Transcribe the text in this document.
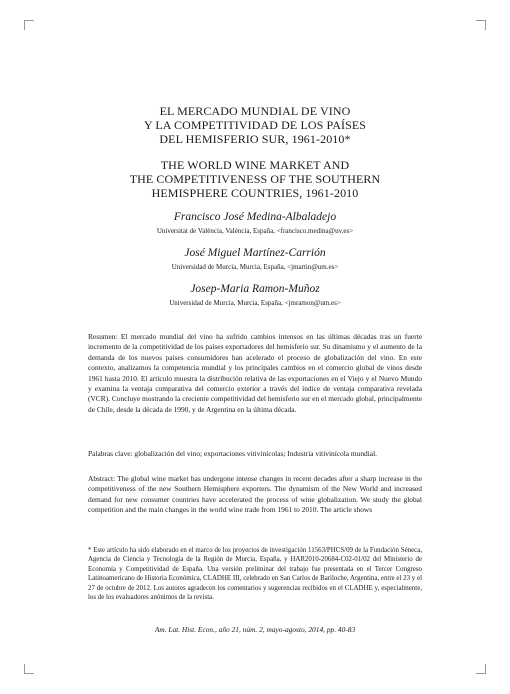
EL MERCADO MUNDIAL DE VINO
Y LA COMPETITIVIDAD DE LOS PAÍSES
DEL HEMISFERIO SUR, 1961-2010*
THE WORLD WINE MARKET AND
THE COMPETITIVENESS OF THE SOUTHERN
HEMISPHERE COUNTRIES, 1961-2010
Francisco José Medina-Albaladejo
Universitat de València, València, España, <francisco.medina@uv.es>
José Miguel Martínez-Carrión
Universidad de Murcia, Murcia, España, <jmartin@um.es>
Josep-Maria Ramon-Muñoz
Universidad de Murcia, Murcia, España, <jmramon@um.es>
Resumen: El mercado mundial del vino ha sufrido cambios intensos en las últimas décadas tras un fuerte incremento de la competitividad de los países exportadores del hemisferio sur. Su dinamismo y el aumento de la demanda de los nuevos países consumidores han acelerado el proceso de globalización del vino. En este contexto, analizamos la competencia mundial y los principales cambios en el comercio global de vinos desde 1961 hasta 2010. El artículo muestra la distribución relativa de las exportaciones en el Viejo y el Nuevo Mundo y examina la ventaja comparativa del comercio exterior a través del índice de ventaja comparativa revelada (VCR). Concluye mostrando la creciente competitividad del hemisferio sur en el mercado global, principalmente de Chile, desde la década de 1990, y de Argentina en la última década.
Palabras clave: globalización del vino; exportaciones vitivinícolas; Industria vitivinícola mundial.
Abstract: The global wine market has undergone intense changes in recent decades after a sharp increase in the competitiveness of the new Southern Hemisphere exporters. The dynamism of the New World and increased demand for new consumer countries have accelerated the process of wine globalization. We study the global competition and the main changes in the world wine trade from 1961 to 2010. The article shows
* Este artículo ha sido elaborado en el marco de los proyectos de investigación 11563/PHCS/09 de la Fundación Séneca, Agencia de Ciencia y Tecnología de la Región de Murcia, España, y HAR2010-20684-C02-01/02 del Ministerio de Economía y Competitividad de España. Una versión preliminar del trabajo fue presentada en el Tercer Congreso Latinoamericano de Historia Económica, CLADHE III, celebrado en San Carlos de Bariloche, Argentina, entre el 23 y el 27 de octubre de 2012. Los autores agradecen los comentarios y sugerencias recibidos en el CLADHE y, especialmente, los de los evaluadores anónimos de la revista.
Am. Lat. Hist. Econ., año 21, núm. 2, mayo-agosto, 2014, pp. 40-83
